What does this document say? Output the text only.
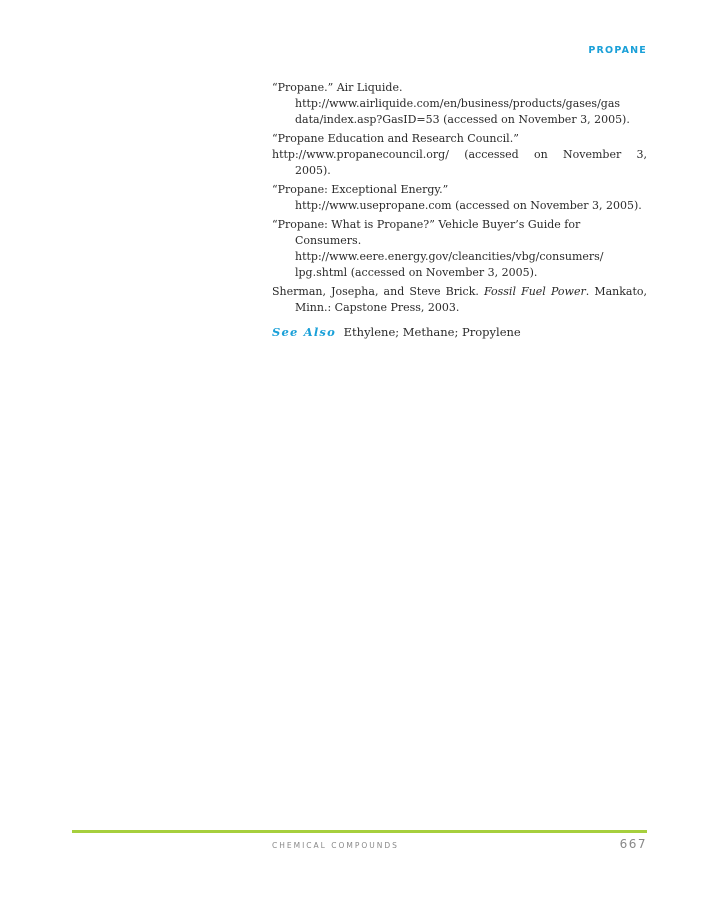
PROPANE

“Propane.” Air Liquide.
http://www.airliquide.com/en/business/products/gases/gas
data/index.asp?GasID=53 (accessed on November 3, 2005).

“Propane Education and Research Council.”

http://www.propanecouncil.org/ (accessed on November 3,
2005).

“Propane: Exceptional Energy.”
http://www.usepropane.com (accessed on November 3, 2005).

“Propane: What is Propane?” Vehicle Buyer’s Guide for Consumers.
http://www.eere.energy.gov/cleancities/vbg/consumers/
lpg.shtml (accessed on November 3, 2005).

Sherman, Josepha, and Steve Brick. Fossil Fuel Power. Mankato,
Minn.: Capstone Press, 2003.

See Also Ethylene; Methane; Propylene
CHEMICAL COMPOUNDS	667
